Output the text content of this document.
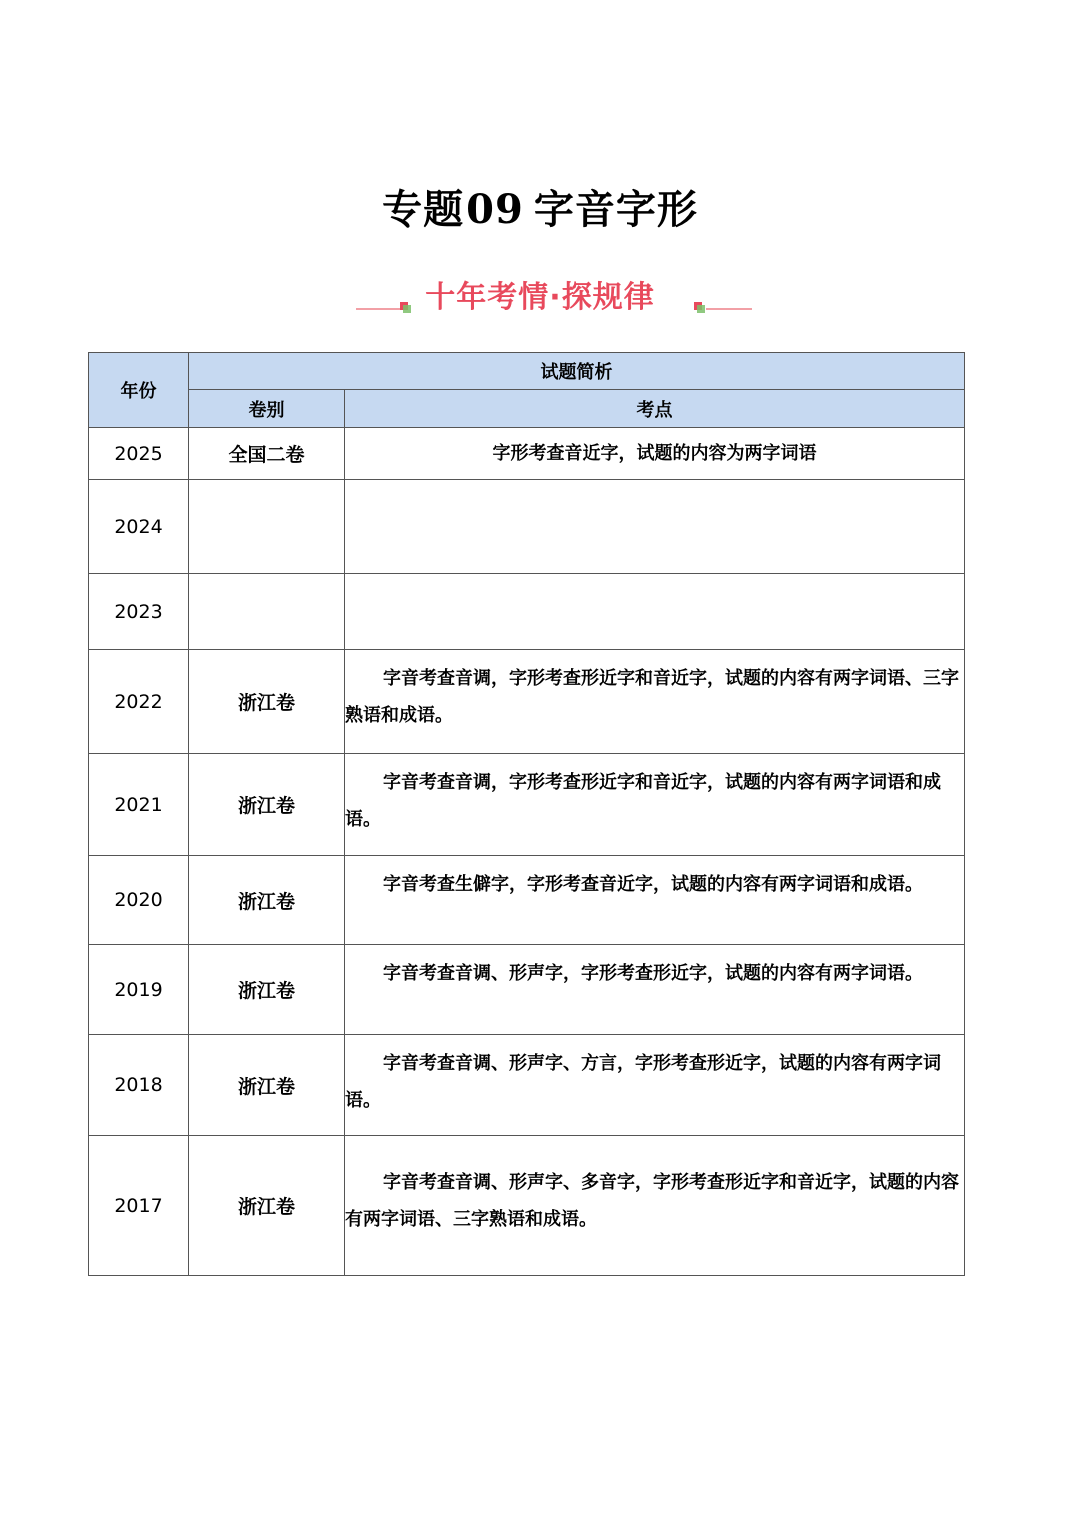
专题09 字音字形
十年考情·探规律
年份	试题简析	
	卷别	考点
2025	全国二卷	字形考查音近字，试题的内容为两字词语
2024		
2023		
2022	浙江卷	字音考查音调，字形考查形近字和音近字，试题的内容有两字词语、三字熟语和成语。
2021	浙江卷	字音考查音调，字形考查形近字和音近字，试题的内容有两字词语和成语。
2020	浙江卷	字音考查生僻字，字形考查音近字，试题的内容有两字词语和成语。
2019	浙江卷	字音考查音调、形声字，字形考查形近字，试题的内容有两字词语。
2018	浙江卷	字音考查音调、形声字、方言，字形考查形近字，试题的内容有两字词语。
2017	浙江卷	字音考查音调、形声字、多音字，字形考查形近字和音近字，试题的内容有两字词语、三字熟语和成语。
